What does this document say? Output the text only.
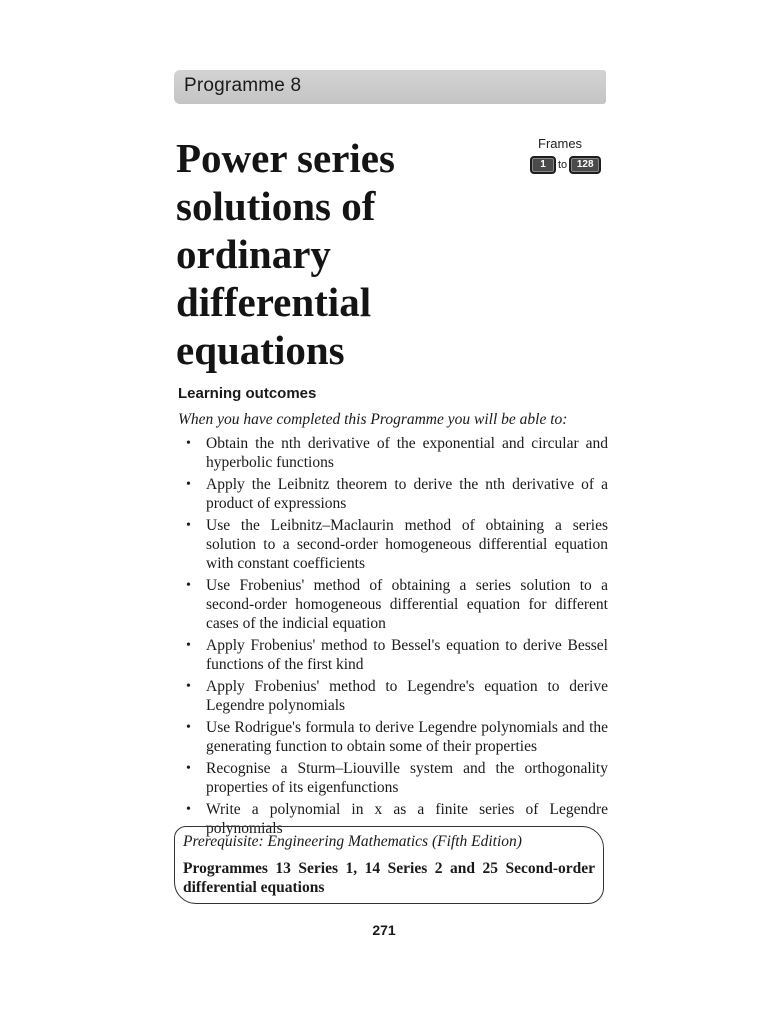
Programme 8
Power series
solutions of
ordinary
differential
equations
Frames
1	to 128
Learning outcomes
When you have completed this Programme you will be able to:
• Obtain the nth derivative of the exponential and circular and hyperbolic functions
• Apply the Leibnitz theorem to derive the nth derivative of a product of expressions
• Use the Leibnitz–Maclaurin method of obtaining a series solution to a second-order homogeneous differential equation with constant coefficients
• Use Frobenius' method of obtaining a series solution to a second-order homogeneous differential equation for different cases of the indicial equation
• Apply Frobenius' method to Bessel's equation to derive Bessel functions of the first kind
• Apply Frobenius' method to Legendre's equation to derive Legendre polynomials
• Use Rodrigue's formula to derive Legendre polynomials and the generating function to obtain some of their properties
• Recognise a Sturm–Liouville system and the orthogonality properties of its eigenfunctions
• Write a polynomial in x as a finite series of Legendre polynomials
Prerequisite: Engineering Mathematics (Fifth Edition)
Programmes 13 Series 1, 14 Series 2 and 25 Second-order differential equations
271
